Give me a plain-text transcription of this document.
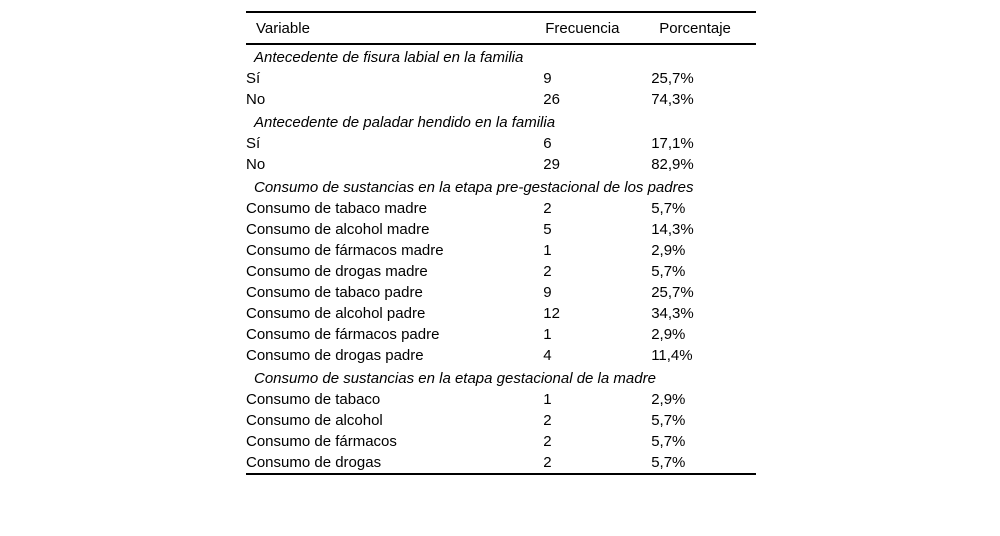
Variable	Frecuencia	Porcentaje
Antecedente de fisura labial en la familia		
Sí	9	25,7%
No	26	74,3%
Antecedente de paladar hendido en la familia		
Sí	6	17,1%
No	29	82,9%
Consumo de sustancias en la etapa pre-gestacional de los padres		
Consumo de tabaco madre	2	5,7%
Consumo de alcohol madre	5	14,3%
Consumo de fármacos madre	1	2,9%
Consumo de drogas madre	2	5,7%
Consumo de tabaco padre	9	25,7%
Consumo de alcohol padre	12	34,3%
Consumo de fármacos padre	1	2,9%
Consumo de drogas padre	4	11,4%
Consumo de sustancias en la etapa gestacional de la madre		
Consumo de tabaco	1	2,9%
Consumo de alcohol	2	5,7%
Consumo de fármacos	2	5,7%
Consumo de drogas	2	5,7%
